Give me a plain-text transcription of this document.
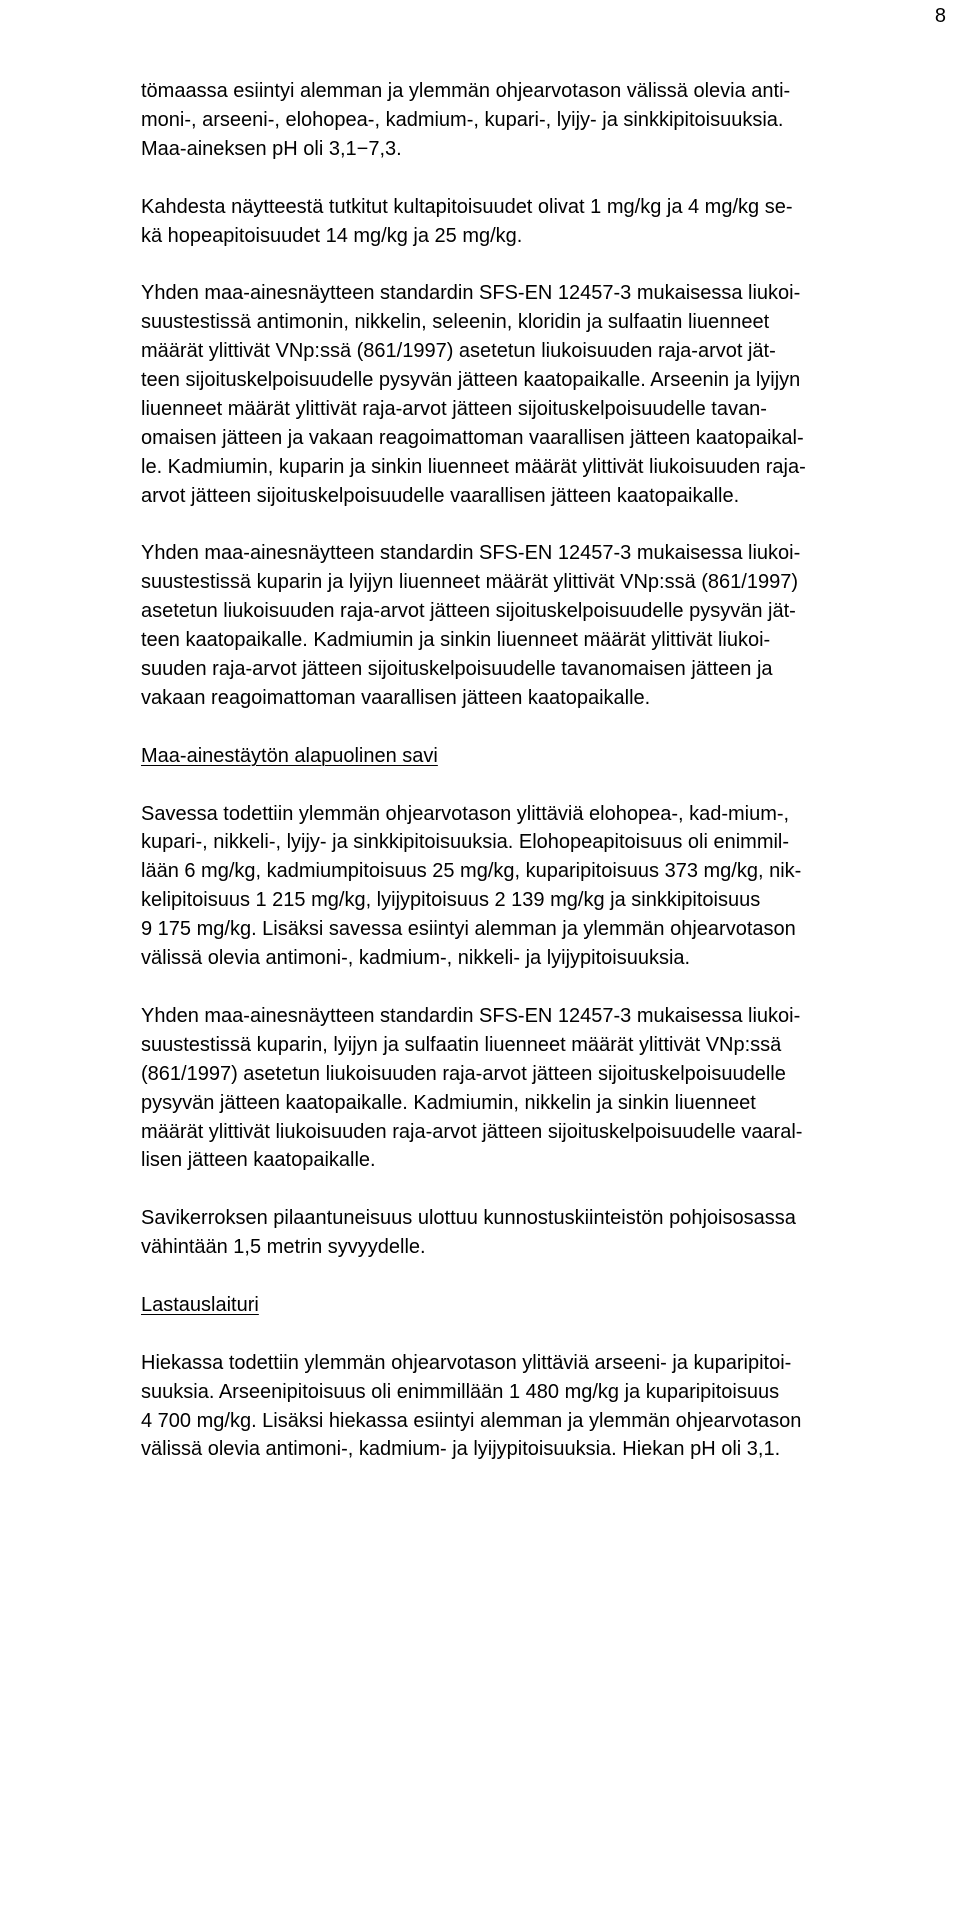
8

tömaassa esiintyi alemman ja ylemmän ohjearvotason välissä olevia anti-
moni-, arseeni-, elohopea-, kadmium-, kupari-, lyijy- ja sinkkipitoisuuksia.
Maa-aineksen pH oli 3,1−7,3.

Kahdesta näytteestä tutkitut kultapitoisuudet olivat 1 mg/kg ja 4 mg/kg se-
kä hopeapitoisuudet 14 mg/kg ja 25 mg/kg.

Yhden maa-ainesnäytteen standardin SFS-EN 12457-3 mukaisessa liukoi-
suustestissä antimonin, nikkelin, seleenin, kloridin ja sulfaatin liuenneet
määrät ylittivät VNp:ssä (861/1997) asetetun liukoisuuden raja-arvot jät-
teen sijoituskelpoisuudelle pysyvän jätteen kaatopaikalle. Arseenin ja lyijyn
liuenneet määrät ylittivät raja-arvot jätteen sijoituskelpoisuudelle tavan-
omaisen jätteen ja vakaan reagoimattoman vaarallisen jätteen kaatopaikal-
le. Kadmiumin, kuparin ja sinkin liuenneet määrät ylittivät liukoisuuden raja-
arvot jätteen sijoituskelpoisuudelle vaarallisen jätteen kaatopaikalle.

Yhden maa-ainesnäytteen standardin SFS-EN 12457-3 mukaisessa liukoi-
suustestissä kuparin ja lyijyn liuenneet määrät ylittivät VNp:ssä (861/1997)
asetetun liukoisuuden raja-arvot jätteen sijoituskelpoisuudelle pysyvän jät-
teen kaatopaikalle. Kadmiumin ja sinkin liuenneet määrät ylittivät liukoi-
suuden raja-arvot jätteen sijoituskelpoisuudelle tavanomaisen jätteen ja
vakaan reagoimattoman vaarallisen jätteen kaatopaikalle.

Maa-ainestäytön alapuolinen savi

Savessa todettiin ylemmän ohjearvotason ylittäviä elohopea-, kad-mium-,
kupari-, nikkeli-, lyijy- ja sinkkipitoisuuksia. Elohopeapitoisuus oli enimmil-
lään 6 mg/kg, kadmiumpitoisuus 25 mg/kg, kuparipitoisuus 373 mg/kg, nik-
kelipitoisuus 1 215 mg/kg, lyijypitoisuus 2 139 mg/kg ja sinkkipitoisuus
9 175 mg/kg. Lisäksi savessa esiintyi alemman ja ylemmän ohjearvotason
välissä olevia antimoni-, kadmium-, nikkeli- ja lyijypitoisuuksia.

Yhden maa-ainesnäytteen standardin SFS-EN 12457-3 mukaisessa liukoi-
suustestissä kuparin, lyijyn ja sulfaatin liuenneet määrät ylittivät VNp:ssä
(861/1997) asetetun liukoisuuden raja-arvot jätteen sijoituskelpoisuudelle
pysyvän jätteen kaatopaikalle. Kadmiumin, nikkelin ja sinkin liuenneet
määrät ylittivät liukoisuuden raja-arvot jätteen sijoituskelpoisuudelle vaaral-
lisen jätteen kaatopaikalle.

Savikerroksen pilaantuneisuus ulottuu kunnostuskiinteistön pohjoisosassa
vähintään 1,5 metrin syvyydelle.

Lastauslaituri

Hiekassa todettiin ylemmän ohjearvotason ylittäviä arseeni- ja kuparipitoi-
suuksia. Arseenipitoisuus oli enimmillään 1 480 mg/kg ja kuparipitoisuus
4 700 mg/kg. Lisäksi hiekassa esiintyi alemman ja ylemmän ohjearvotason
välissä olevia antimoni-, kadmium- ja lyijypitoisuuksia. Hiekan pH oli 3,1.
